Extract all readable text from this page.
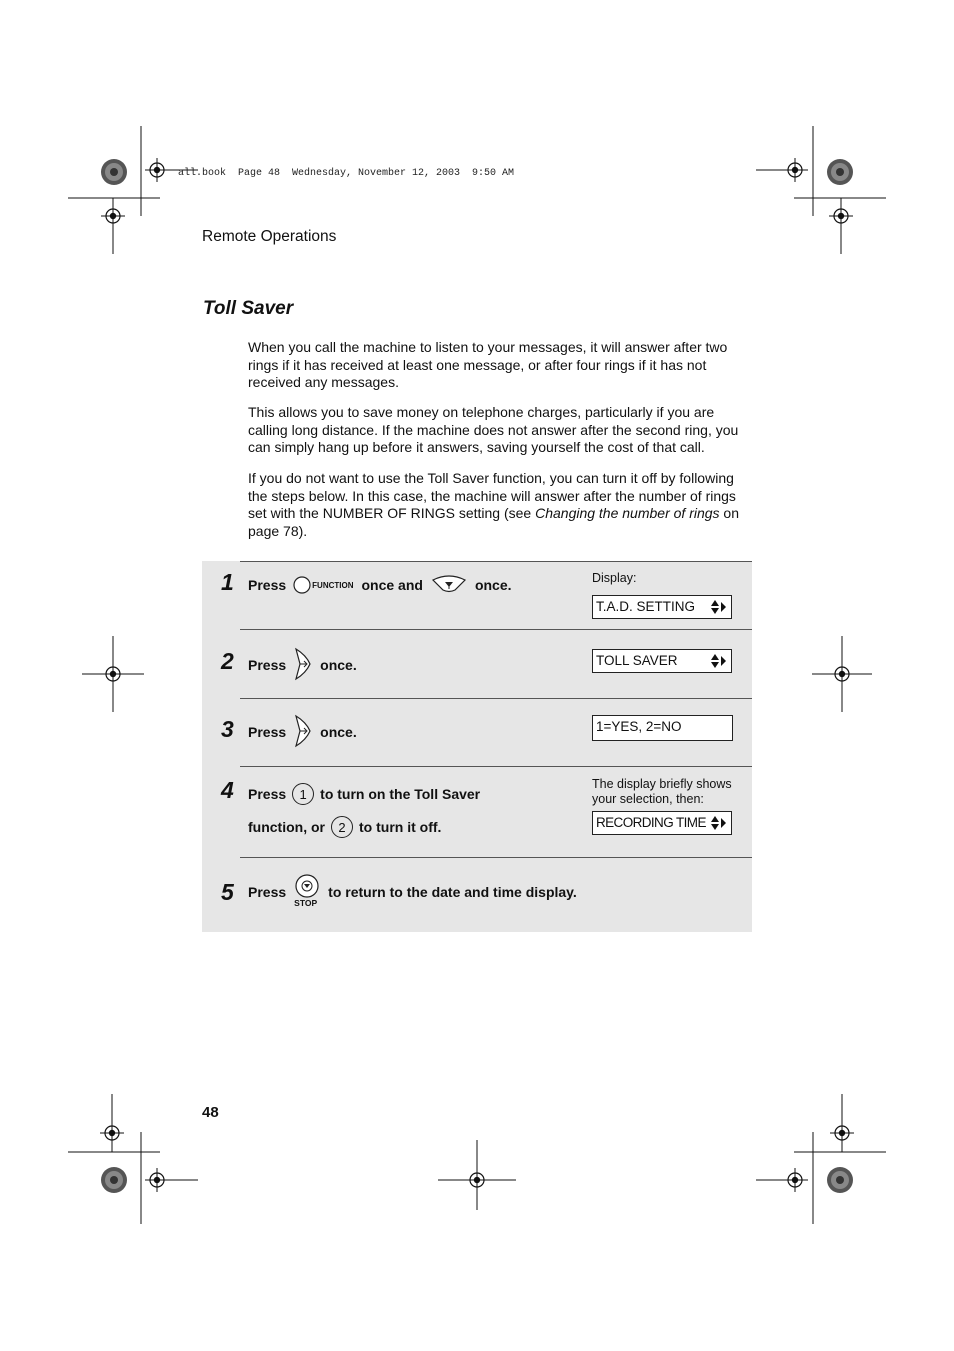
all.book  Page 48  Wednesday, November 12, 2003  9:50 AM
Remote Operations
Toll Saver

When you call the machine to listen to your messages, it will answer after two rings if it has received at least one message, or after four rings if it has not received any messages.

This allows you to save money on telephone charges, particularly if you are calling long distance. If the machine does not answer after the second ring, you can simply hang up before it answers, saving yourself the cost of that call.

If you do not want to use the Toll Saver function, you can turn it off by following the steps below. In this case, the machine will answer after the number of rings set with the NUMBER OF RINGS setting (see Changing the number of rings on page 78).

1 Press	FUNCTION once and	once.	Display:
T.A.D. SETTING
2 Press once.	TOLL SAVER
3 Press once.	1=YES, 2=NO
4 Press	1 to turn on the Toll Saver
function, or	2 to turn it off.
The display briefly shows your selection, then:
RECORDING TIME
5 Press
STOP
to return to the date and time display.
48
